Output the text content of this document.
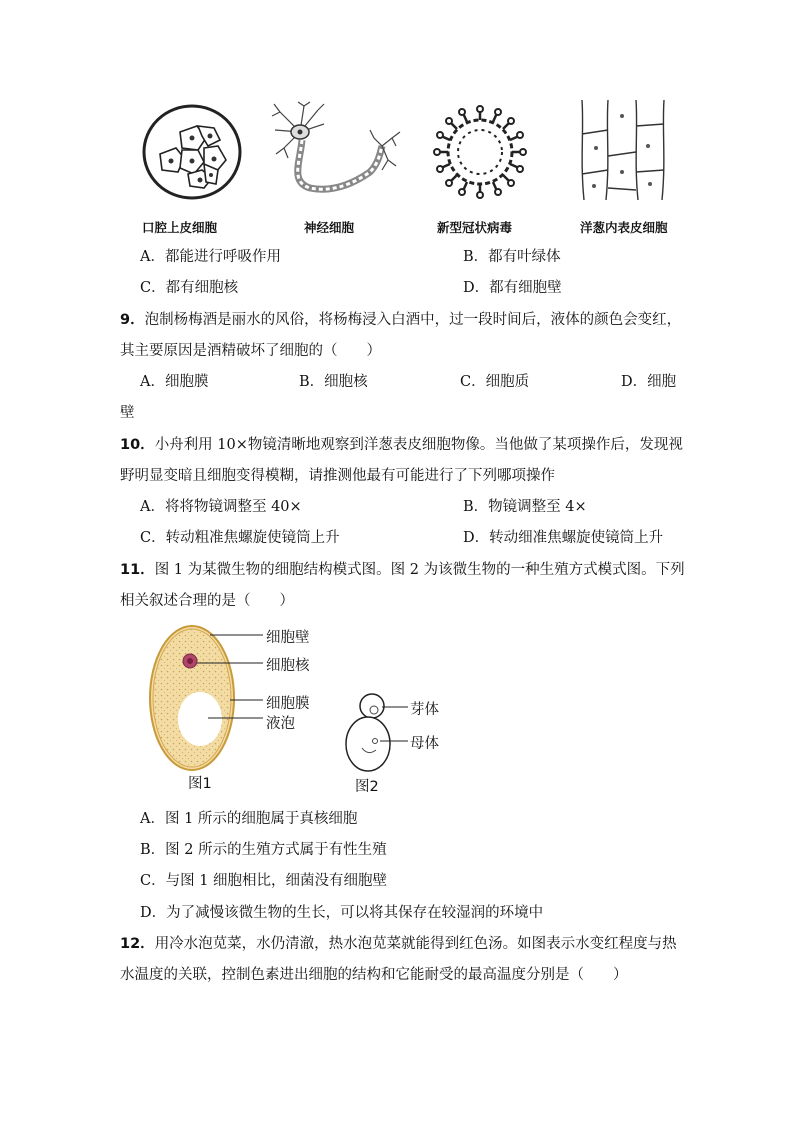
口腔上皮细胞	神经细胞	新型冠状病毒	洋葱内表皮细胞
A．都能进行呼吸作用	B．都有叶绿体
C．都有细胞核	D．都有细胞壁
9．泡制杨梅酒是丽水的风俗，将杨梅浸入白酒中，过一段时间后，液体的颜色会变红，
其主要原因是酒精破坏了细胞的（　　）
A．细胞膜	B．细胞核	C．细胞质	D．细胞
壁
10．小舟利用 10×物镜清晰地观察到洋葱表皮细胞物像。当他做了某项操作后，发现视
野明显变暗且细胞变得模糊，请推测他最有可能进行了下列哪项操作
A．将将物镜调整至 40×	B．物镜调整至 4×
C．转动粗准焦螺旋使镜筒上升	D．转动细准焦螺旋使镜筒上升
11．图 1 为某微生物的细胞结构模式图。图 2 为该微生物的一种生殖方式模式图。下列
相关叙述合理的是（　　）
细胞壁
细胞核
细胞膜
液泡
图1
芽体
母体
图2
A．图 1 所示的细胞属于真核细胞
B．图 2 所示的生殖方式属于有性生殖
C．与图 1 细胞相比，细菌没有细胞壁
D．为了减慢该微生物的生长，可以将其保存在较湿润的环境中
12．用冷水泡苋菜，水仍清澈，热水泡苋菜就能得到红色汤。如图表示水变红程度与热
水温度的关联，控制色素进出细胞的结构和它能耐受的最高温度分别是（　　）
